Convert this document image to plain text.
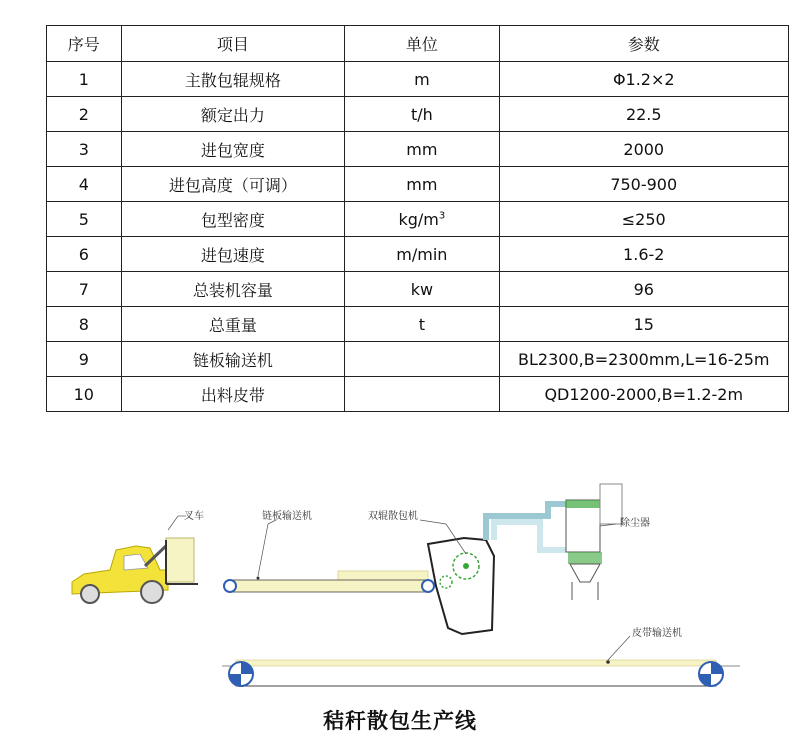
序号	项目	单位	参数
1	主散包辊规格	m	Φ1.2×2
2	额定出力	t/h	22.5
3	进包宽度	mm	2000
4	进包高度（可调）	mm	750-900
5	包型密度	$kg/m^3$	≤250
6	进包速度	m/min	1.6-2
7	总装机容量	kw	96
8	总重量	t	15
9	链板输送机		BL2300,B=2300mm,L=16-25m
10	出料皮带		QD1200-2000,B=1.2-2m
叉车	链板输送机	双辊散包机
除尘器
皮带输送机
秸秆散包生产线
